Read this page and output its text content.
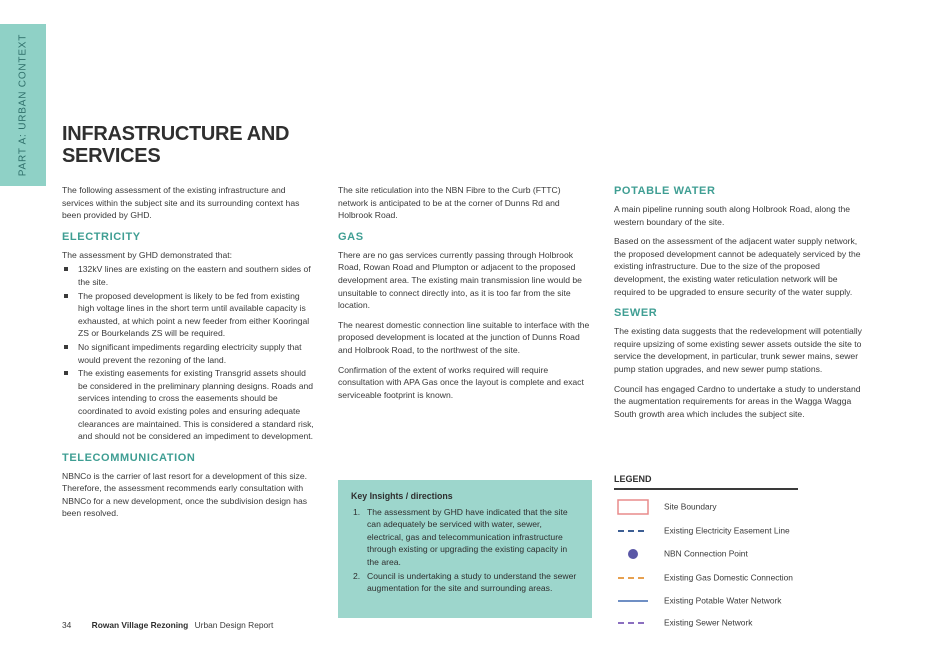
PART A: URBAN CONTEXT INFRASTRUCTURE AND
SERVICES

The following assessment of the existing infrastructure and services within the subject site and its surrounding context has been provided by GHD.

ELECTRICITY

The assessment by GHD demonstrated that:

132kV lines are existing on the eastern and southern sides of the site.
The proposed development is likely to be fed from existing high voltage lines in the short term until available capacity is exhausted, at which point a new feeder from either Kooringal ZS or Bourkelands ZS will be required.
No significant impediments regarding electricity supply that would prevent the rezoning of the land.
The existing easements for existing Transgrid assets should be considered in the preliminary planning designs. Roads and services intending to cross the easements should be coordinated to avoid existing poles and ensuring adequate clearances are maintained. This is considered a standard risk, and should not be considered an impediment to development.
TELECOMMUNICATION

NBNCo is the carrier of last resort for a development of this size. Therefore, the assessment recommends early consultation with NBNCo for a new development, once the subdivision design has been resolved.

The site reticulation into the NBN Fibre to the Curb (FTTC) network is anticipated to be at the corner of Dunns Rd and Holbrook Road.

GAS

There are no gas services currently passing through Holbrook Road, Rowan Road and Plumpton or adjacent to the proposed development area. The existing main transmission line would be unsuitable to connect directly into, as it is too far from the site location.

The nearest domestic connection line suitable to interface with the proposed development is located at the junction of Dunns Road and Holbrook Road, to the northwest of the site.

Confirmation of the extent of works required will require consultation with APA Gas once the layout is complete and exact serviceable footprint is known.

Key Insights / directions
1. The assessment by GHD have indicated that the site can adequately be serviced with water, sewer, electrical, gas and telecommunication infrastructure through existing or upgrading the existing capacity in the area.
2. Council is undertaking a study to understand the sewer augmentation for the site and surrounding areas.
POTABLE WATER

A main pipeline running south along Holbrook Road, along the western boundary of the site.

Based on the assessment of the adjacent water supply network, the proposed development cannot be adequately serviced by the existing infrastructure. Due to the size of the proposed development, the existing water reticulation network will be required to be upgraded to ensure security of the water supply.

SEWER

The existing data suggests that the redevelopment will potentially require upsizing of some existing sewer assets outside the site to service the development, in particular, trunk sewer mains, sewer pump station upgrades, and new sewer pump stations.

Council has engaged Cardno to undertake a study to understand the augmentation requirements for areas in the Wagga Wagga South growth area which includes the subject site.

LEGEND
Site Boundary
Existing Electricity Easement Line
NBN Connection Point
Existing Gas Domestic Connection
Existing Potable Water Network
Existing Sewer Network
34 Rowan Village Rezoning Urban Design Report
